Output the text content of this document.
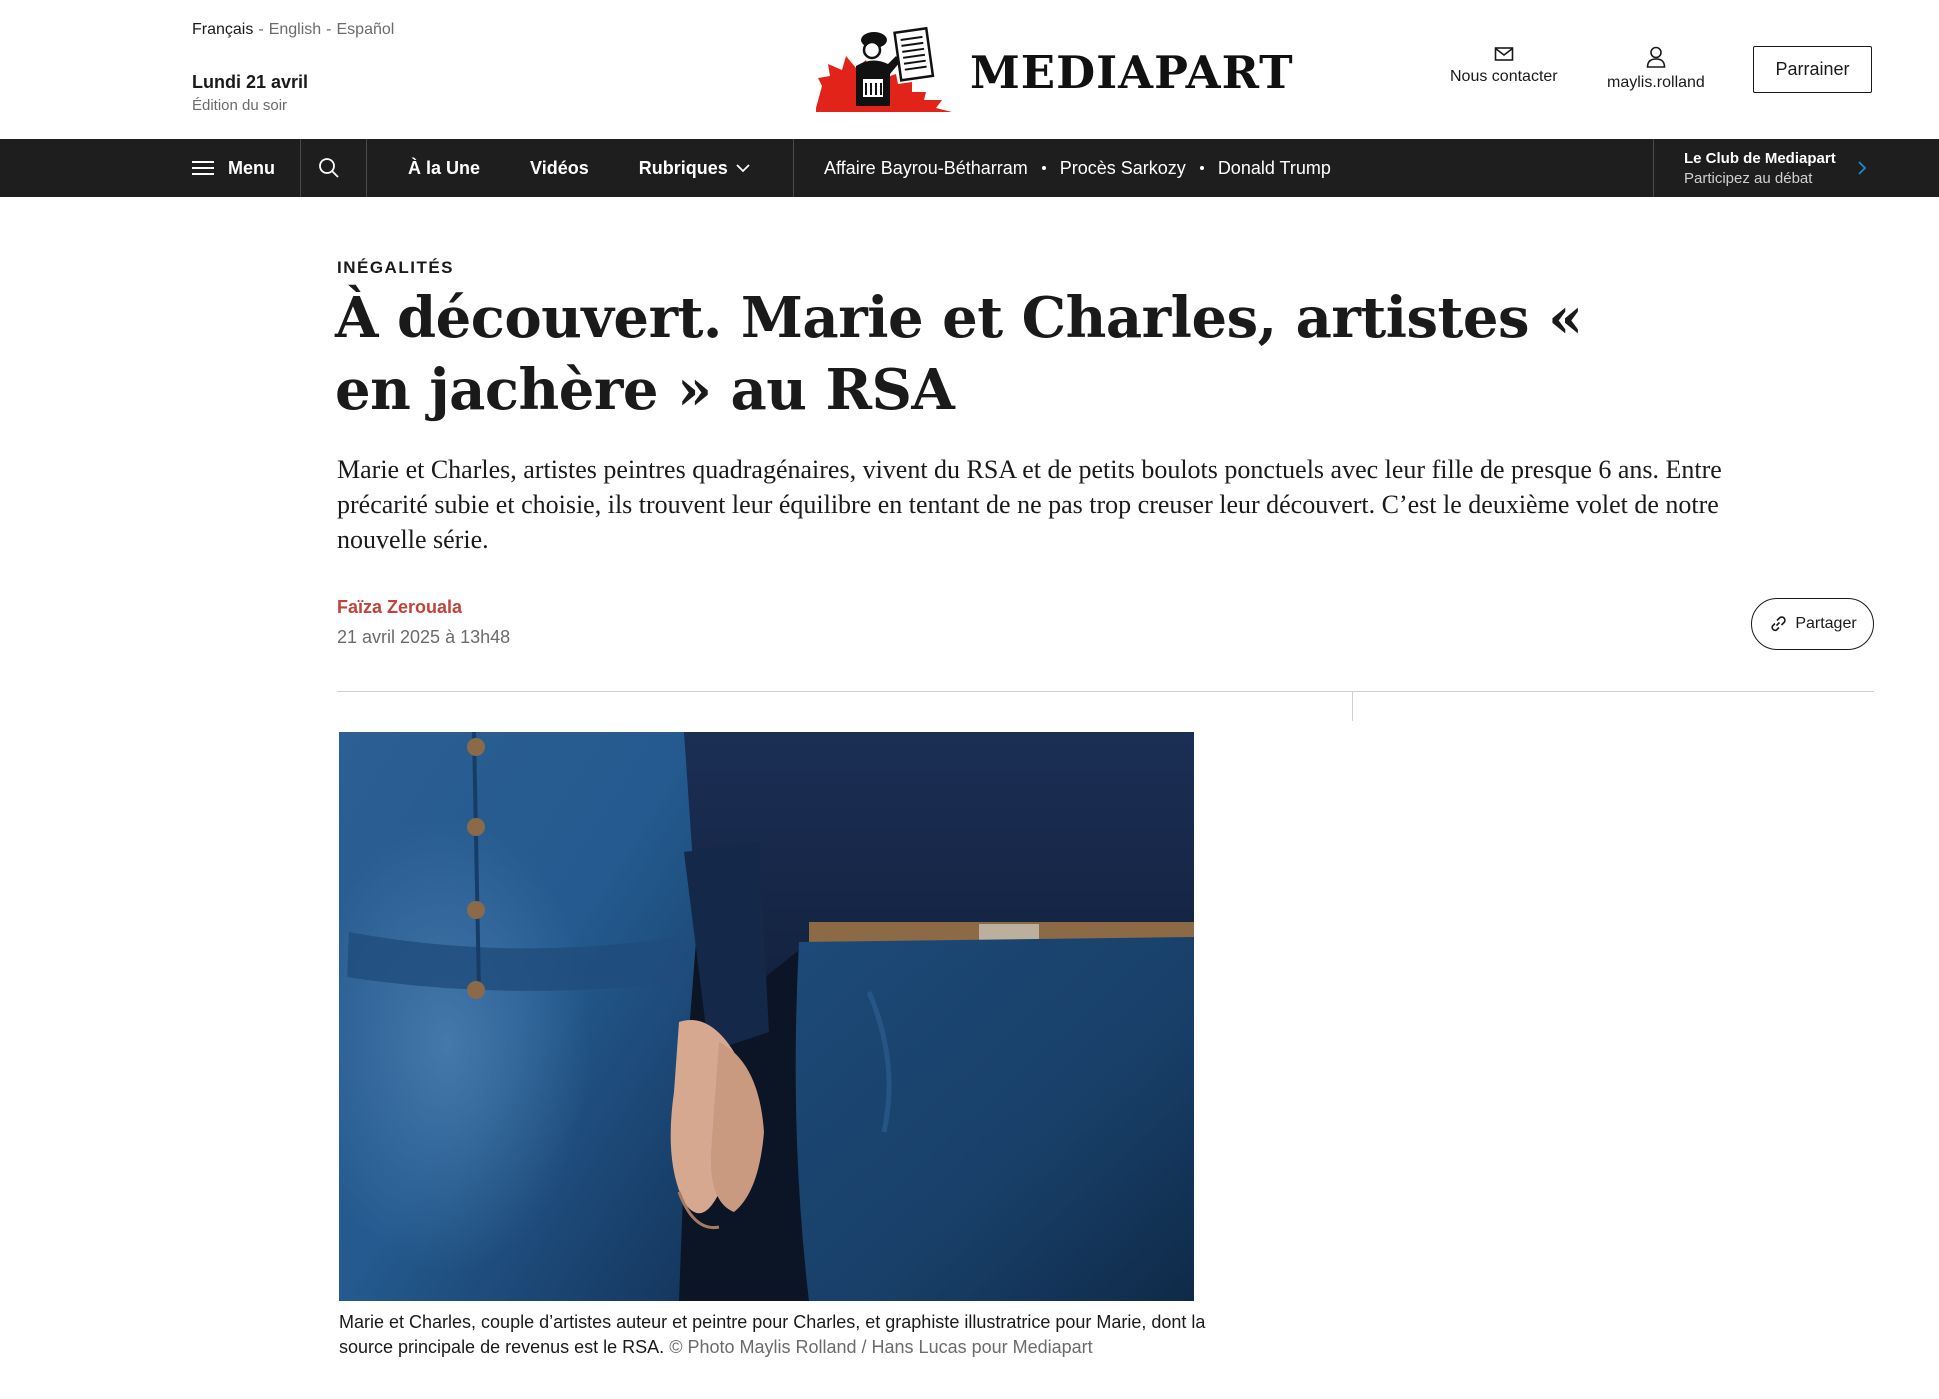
Français - English - Español
Lundi 21 avril
Édition du soir
MEDIAPART	Nous contacter	maylis.rolland
Parrainer
Menu	À la Une	Vidéos	Rubriques	Affaire Bayrou-Bétharram Procès Sarkozy Donald Trump	Le Club de Mediapart
Participez au débat
INÉGALITÉS
À découvert. Marie et Charles, artistes « en jachère » au RSA

Marie et Charles, artistes peintres quadragénaires, vivent du RSA et de petits boulots ponctuels avec leur fille de presque 6 ans. Entre précarité subie et choisie, ils trouvent leur équilibre en tentant de ne pas trop creuser leur découvert. C’est le deuxième volet de notre nouvelle série.

Faïza Zerouala
21 avril 2025 à 13h48
Partager

Marie et Charles, couple d’artistes auteur et peintre pour Charles, et graphiste illustratrice pour Marie, dont la source principale de revenus est le RSA. © Photo Maylis Rolland / Hans Lucas pour Mediapart
